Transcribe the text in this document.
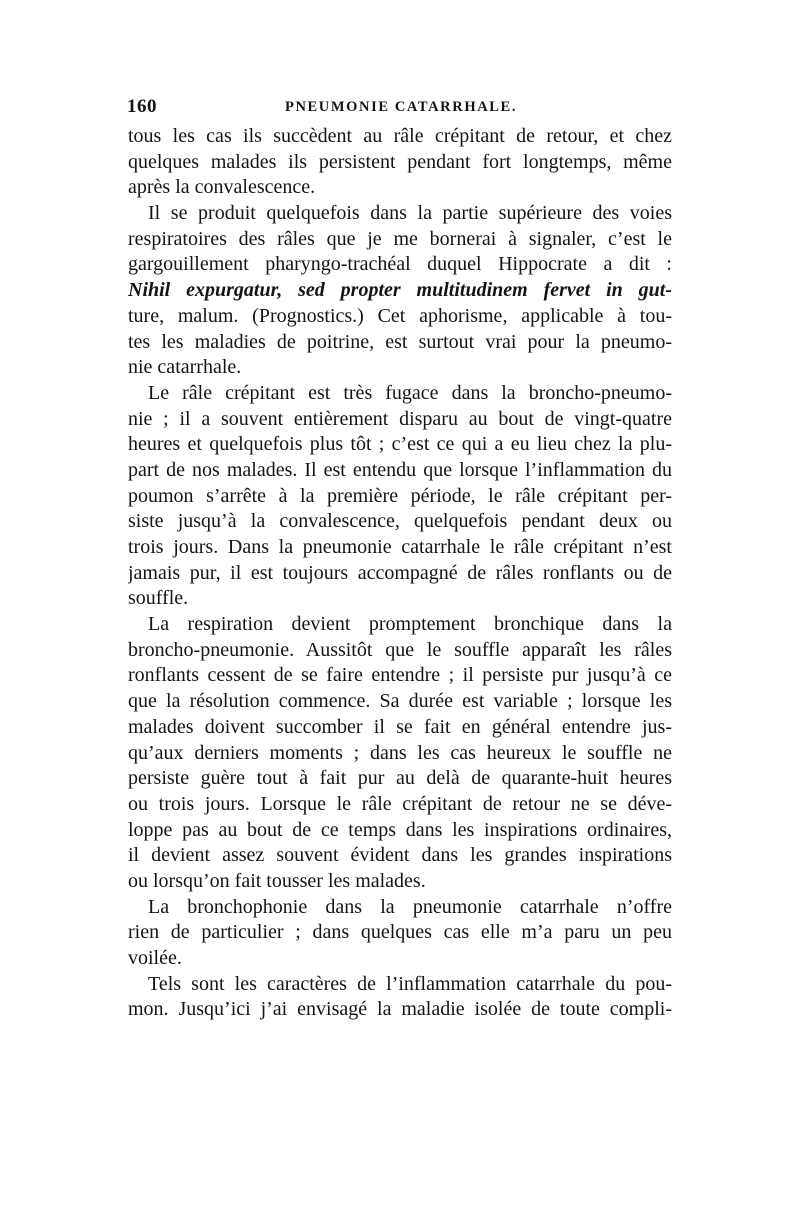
160	PNEUMONIE CATARRHALE.
tous les cas ils succèdent au râle crépitant de retour, et chez
quelques malades ils persistent pendant fort longtemps, même
après la convalescence.
Il se produit quelquefois dans la partie supérieure des voies
respiratoires des râles que je me bornerai à signaler, c’est le
gargouillement pharyngo-trachéal duquel Hippocrate a dit :
Nihil expurgatur, sed propter multitudinem fervet in gut-
ture, malum. (Prognostics.) Cet aphorisme, applicable à tou-
tes les maladies de poitrine, est surtout vrai pour la pneumo-
nie catarrhale.
Le râle crépitant est très fugace dans la broncho-pneumo-
nie ; il a souvent entièrement disparu au bout de vingt-quatre
heures et quelquefois plus tôt ; c’est ce qui a eu lieu chez la plu-
part de nos malades. Il est entendu que lorsque l’inflammation du
poumon s’arrête à la première période, le râle crépitant per-
siste jusqu’à la convalescence, quelquefois pendant deux ou
trois jours. Dans la pneumonie catarrhale le râle crépitant n’est
jamais pur, il est toujours accompagné de râles ronflants ou de
souffle.
La respiration devient promptement bronchique dans la
broncho-pneumonie. Aussitôt que le souffle apparaît les râles
ronflants cessent de se faire entendre ; il persiste pur jusqu’à ce
que la résolution commence. Sa durée est variable ; lorsque les
malades doivent succomber il se fait en général entendre jus-
qu’aux derniers moments ; dans les cas heureux le souffle ne
persiste guère tout à fait pur au delà de quarante-huit heures
ou trois jours. Lorsque le râle crépitant de retour ne se déve-
loppe pas au bout de ce temps dans les inspirations ordinaires,
il devient assez souvent évident dans les grandes inspirations
ou lorsqu’on fait tousser les malades.
La bronchophonie dans la pneumonie catarrhale n’offre
rien de particulier ; dans quelques cas elle m’a paru un peu
voilée.
Tels sont les caractères de l’inflammation catarrhale du pou-
mon. Jusqu’ici j’ai envisagé la maladie isolée de toute compli-
